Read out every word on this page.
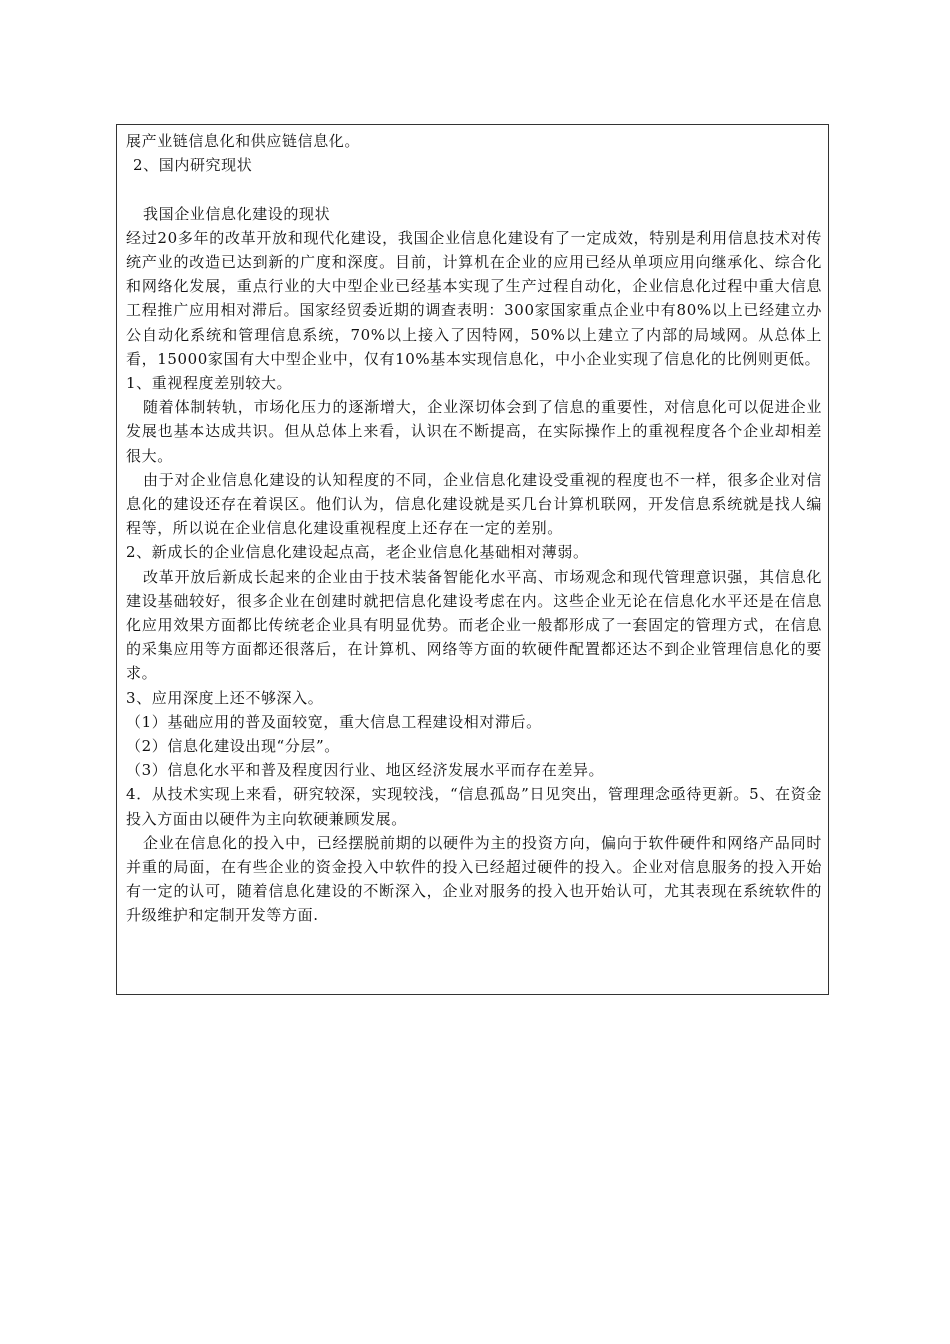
展产业链信息化和供应链信息化。

2、国内研究现状

我国企业信息化建设的现状

经过20多年的改革开放和现代化建设，我国企业信息化建设有了一定成效，特别是利用信息技术对传统产业的改造已达到新的广度和深度。目前，计算机在企业的应用已经从单项应用向继承化、综合化和网络化发展，重点行业的大中型企业已经基本实现了生产过程自动化，企业信息化过程中重大信息工程推广应用相对滞后。国家经贸委近期的调查表明：300家国家重点企业中有80%以上已经建立办公自动化系统和管理信息系统，70%以上接入了因特网，50%以上建立了内部的局域网。从总体上看，15000家国有大中型企业中，仅有10%基本实现信息化，中小企业实现了信息化的比例则更低。

1、重视程度差别较大。

随着体制转轨，市场化压力的逐渐增大，企业深切体会到了信息的重要性，对信息化可以促进企业发展也基本达成共识。但从总体上来看，认识在不断提高，在实际操作上的重视程度各个企业却相差很大。

由于对企业信息化建设的认知程度的不同，企业信息化建设受重视的程度也不一样，很多企业对信息化的建设还存在着误区。他们认为，信息化建设就是买几台计算机联网，开发信息系统就是找人编程等，所以说在企业信息化建设重视程度上还存在一定的差别。

2、新成长的企业信息化建设起点高，老企业信息化基础相对薄弱。

改革开放后新成长起来的企业由于技术装备智能化水平高、市场观念和现代管理意识强，其信息化建设基础较好，很多企业在创建时就把信息化建设考虑在内。这些企业无论在信息化水平还是在信息化应用效果方面都比传统老企业具有明显优势。而老企业一般都形成了一套固定的管理方式，在信息的采集应用等方面都还很落后，在计算机、网络等方面的软硬件配置都还达不到企业管理信息化的要求。

3、应用深度上还不够深入。

（1）基础应用的普及面较宽，重大信息工程建设相对滞后。

（2）信息化建设出现“分层”。

（3）信息化水平和普及程度因行业、地区经济发展水平而存在差异。

4．从技术实现上来看，研究较深，实现较浅，“信息孤岛”日见突出，管理理念亟待更新。5、在资金投入方面由以硬件为主向软硬兼顾发展。

企业在信息化的投入中，已经摆脱前期的以硬件为主的投资方向，偏向于软件硬件和网络产品同时并重的局面，在有些企业的资金投入中软件的投入已经超过硬件的投入。企业对信息服务的投入开始有一定的认可，随着信息化建设的不断深入，企业对服务的投入也开始认可，尤其表现在系统软件的升级维护和定制开发等方面.
